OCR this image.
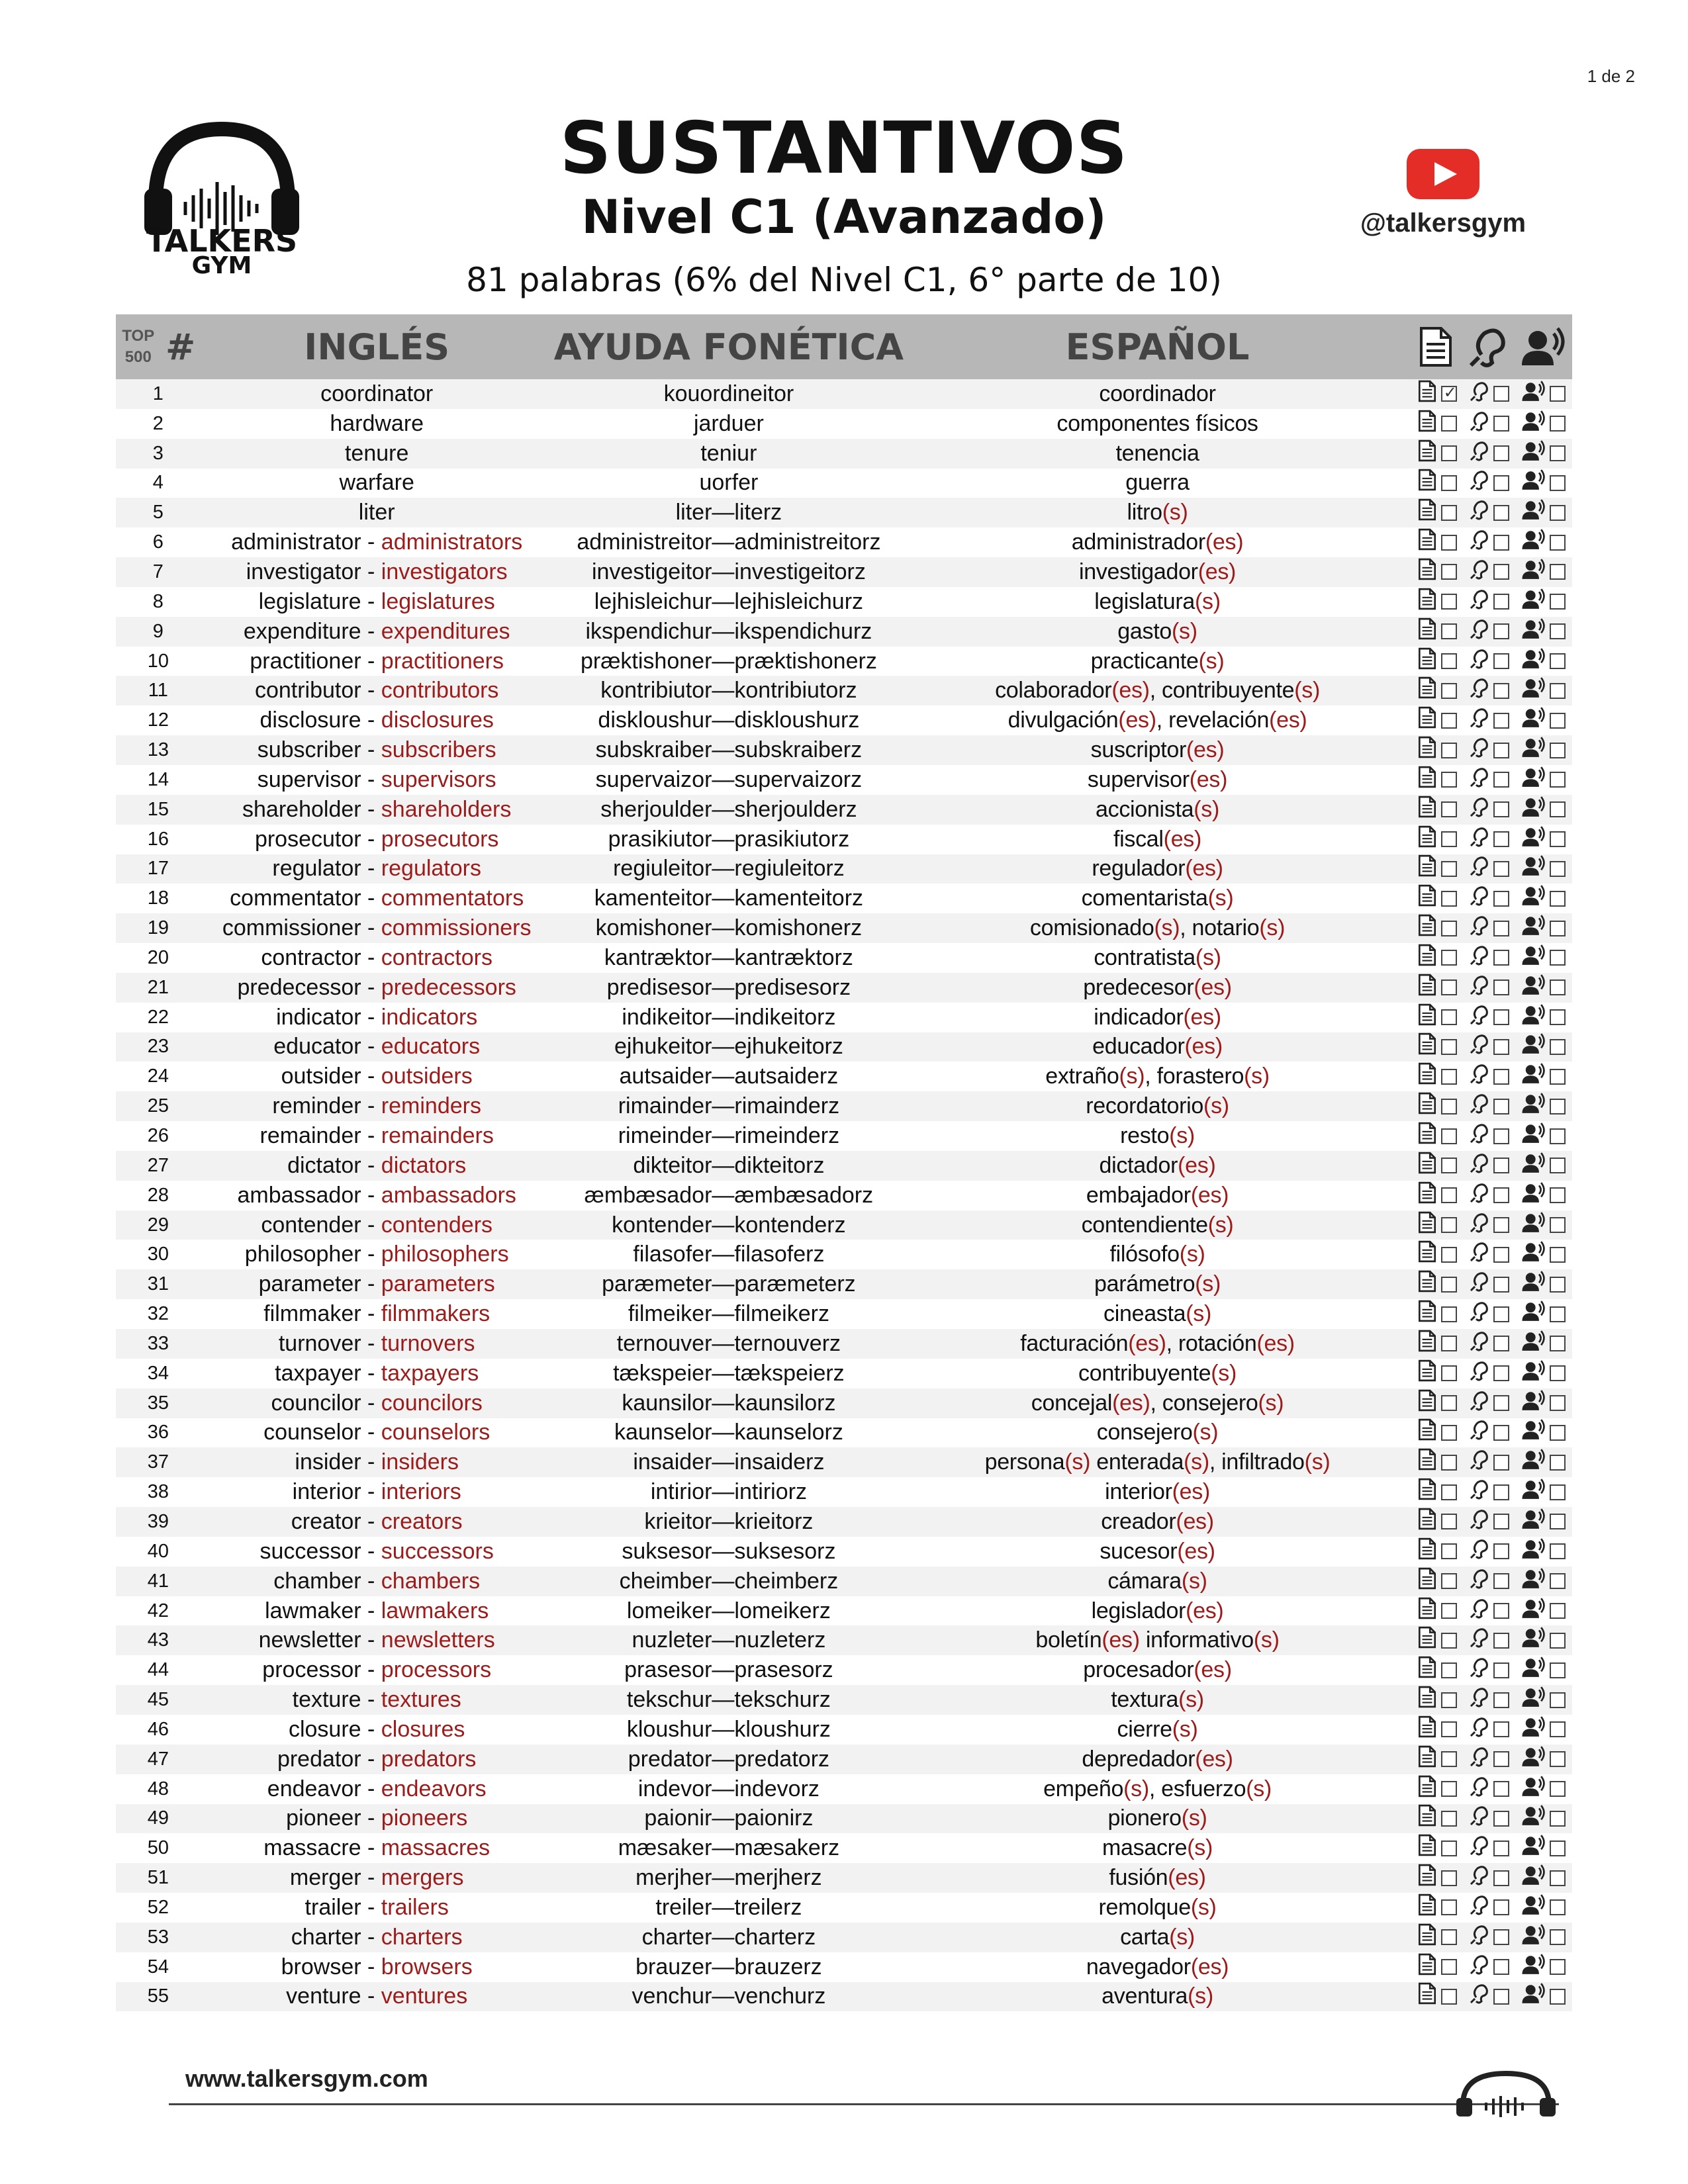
1 de 2
TALKERS
GYM
SUSTANTIVOS
Nivel C1 (Avanzado)
81 palabras (6% del Nivel C1, 6° parte de 10)
@talkersgym
TOP
500 #	INGLÉS	AYUDA FONÉTICA	ESPAÑOL
1	coordinator	kouordineitor	coordinador
✓
2	hardware	jarduer	componentes físicos
3	tenure	teniur	tenencia
4	warfare	uorfer	guerra
5	liter	liter—literz	litro(s)
6	administrator - administrators	administreitor—administreitorz	administrador(es)
7	investigator - investigators	investigeitor—investigeitorz	investigador(es)
8	legislature - legislatures	lejhisleichur—lejhisleichurz	legislatura(s)
9	expenditure - expenditures	ikspendichur—ikspendichurz	gasto(s)
10	practitioner - practitioners	præktishoner—præktishonerz	practicante(s)
11	contributor - contributors	kontribiutor—kontribiutorz	colaborador(es), contribuyente(s)
12	disclosure - disclosures	diskloushur—diskloushurz	divulgación(es), revelación(es)
13	subscriber - subscribers	subskraiber—subskraiberz	suscriptor(es)
14	supervisor - supervisors	supervaizor—supervaizorz	supervisor(es)
15	shareholder - shareholders	sherjoulder—sherjoulderz	accionista(s)
16	prosecutor - prosecutors	prasikiutor—prasikiutorz	fiscal(es)
17	regulator - regulators	regiuleitor—regiuleitorz	regulador(es)
18	commentator - commentators	kamenteitor—kamenteitorz	comentarista(s)
19	commissioner - commissioners	komishoner—komishonerz	comisionado(s), notario(s)
20	contractor - contractors	kantræktor—kantræktorz	contratista(s)
21	predecessor - predecessors	predisesor—predisesorz	predecesor(es)
22	indicator - indicators	indikeitor—indikeitorz	indicador(es)
23	educator - educators	ejhukeitor—ejhukeitorz	educador(es)
24	outsider - outsiders	autsaider—autsaiderz	extraño(s), forastero(s)
25	reminder - reminders	rimainder—rimainderz	recordatorio(s)
26	remainder - remainders	rimeinder—rimeinderz	resto(s)
27	dictator - dictators	dikteitor—dikteitorz	dictador(es)
28	ambassador - ambassadors	æmbæsador—æmbæsadorz	embajador(es)
29	contender - contenders	kontender—kontenderz	contendiente(s)
30	philosopher - philosophers	filasofer—filasoferz	filósofo(s)
31	parameter - parameters	paræmeter—paræmeterz	parámetro(s)
32	filmmaker - filmmakers	filmeiker—filmeikerz	cineasta(s)
33	turnover - turnovers	ternouver—ternouverz	facturación(es), rotación(es)
34	taxpayer - taxpayers	tækspeier—tækspeierz	contribuyente(s)
35	councilor - councilors	kaunsilor—kaunsilorz	concejal(es), consejero(s)
36	counselor - counselors	kaunselor—kaunselorz	consejero(s)
37	insider - insiders	insaider—insaiderz	persona(s) enterada(s), infiltrado(s)
38	interior - interiors	intirior—intiriorz	interior(es)
39	creator - creators	krieitor—krieitorz	creador(es)
40	successor - successors	suksesor—suksesorz	sucesor(es)
41	chamber - chambers	cheimber—cheimberz	cámara(s)
42	lawmaker - lawmakers	lomeiker—lomeikerz	legislador(es)
43	newsletter - newsletters	nuzleter—nuzleterz	boletín(es) informativo(s)
44	processor - processors	prasesor—prasesorz	procesador(es)
45	texture - textures	tekschur—tekschurz	textura(s)
46	closure - closures	kloushur—kloushurz	cierre(s)
47	predator - predators	predator—predatorz	depredador(es)
48	endeavor - endeavors	indevor—indevorz	empeño(s), esfuerzo(s)
49	pioneer - pioneers	paionir—paionirz	pionero(s)
50	massacre - massacres	mæsaker—mæsakerz	masacre(s)
51	merger - mergers	merjher—merjherz	fusión(es)
52	trailer - trailers	treiler—treilerz	remolque(s)
53	charter - charters	charter—charterz	carta(s)
54	browser - browsers	brauzer—brauzerz	navegador(es)
55	venture - ventures	venchur—venchurz	aventura(s)
www.talkersgym.com
